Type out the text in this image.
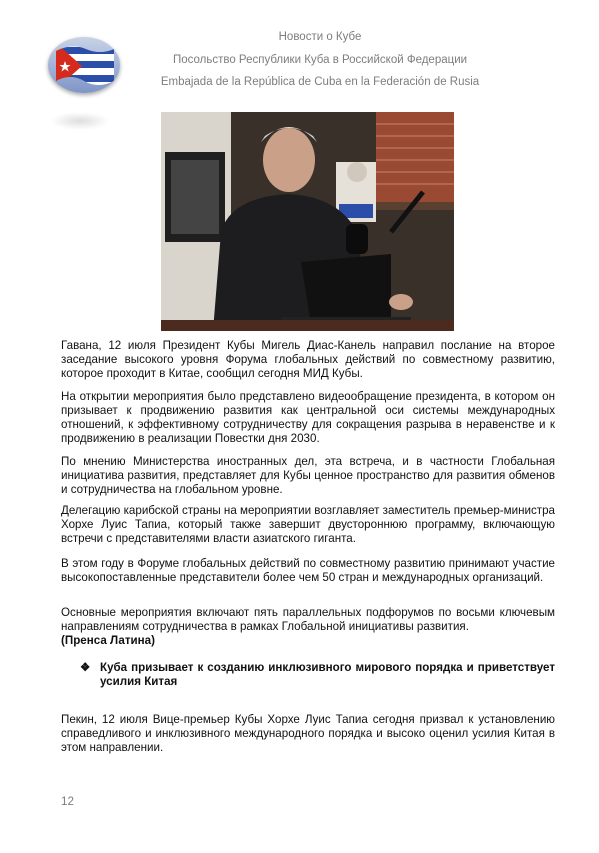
Новости о Кубе
Посольство Республики Куба в Российской Федерации
Embajada de la República de Cuba en la Federación de Rusia
Гавана, 12 июля Президент Кубы Мигель Диас-Канель направил послание на второе заседание высокого уровня Форума глобальных действий по совместному развитию, которое проходит в Китае, сообщил сегодня МИД Кубы.
На открытии мероприятия было представлено видеообращение президента, в котором он призывает к продвижению развития как центральной оси системы международных отношений, к эффективному сотрудничеству для сокращения разрыва в неравенстве и к продвижению в реализации Повестки дня 2030.
По мнению Министерства иностранных дел, эта встреча, и в частности Глобальная инициатива развития, представляет для Кубы ценное пространство для развития обменов и сотрудничества на глобальном уровне.
Делегацию карибской страны на мероприятии возглавляет заместитель премьер-министра Хорхе Луис Тапиа, который также завершит двустороннюю программу, включающую встречи с представителями власти азиатского гиганта.
В этом году в Форуме глобальных действий по совместному развитию принимают участие высокопоставленные представители более чем 50 стран и международных организаций.
Основные мероприятия включают пять параллельных подфорумов по восьми ключевым направлениям сотрудничества в рамках Глобальной инициативы развития.
(Пренса Латина)
❖ Куба призывает к созданию инклюзивного мирового порядка и приветствует усилия Китая
Пекин, 12 июля Вице-премьер Кубы Хорхе Луис Тапиа сегодня призвал к установлению справедливого и инклюзивного международного порядка и высоко оценил усилия Китая в этом направлении.
12
